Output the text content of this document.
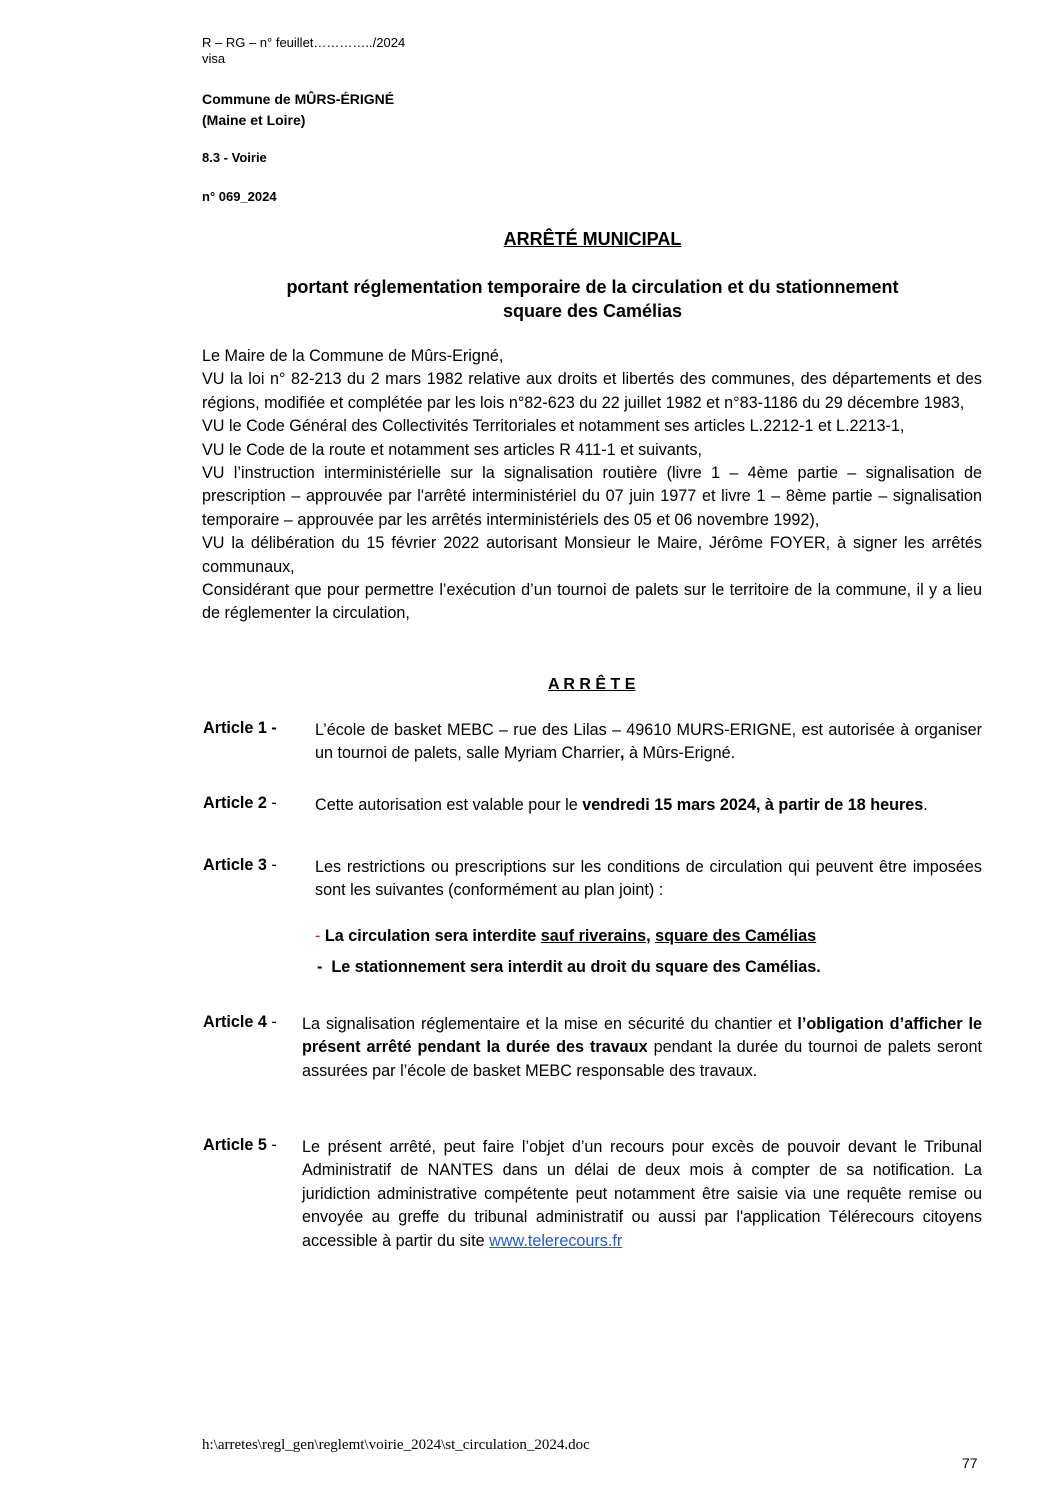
R – RG – n° feuillet…………../2024
visa
Commune de MÛRS-ÉRIGNÉ
(Maine et Loire)
8.3 - Voirie
n° 069_2024
ARRÊTÉ MUNICIPAL
portant réglementation temporaire de la circulation et du stationnement
square des Camélias
Le Maire de la Commune de Mûrs-Erigné,
VU la loi n° 82-213 du 2 mars 1982 relative aux droits et libertés des communes, des départements et des régions, modifiée et complétée par les lois n°82-623 du 22 juillet 1982 et n°83-1186 du 29 décembre 1983,
VU le Code Général des Collectivités Territoriales et notamment ses articles L.2212-1 et L.2213-1,
VU le Code de la route et notamment ses articles R 411-1 et suivants,
VU l’instruction interministérielle sur la signalisation routière (livre 1 – 4ème partie – signalisation de prescription – approuvée par l'arrêté interministériel du 07 juin 1977 et livre 1 – 8ème partie – signalisation temporaire – approuvée par les arrêtés interministériels des 05 et 06 novembre 1992),
VU la délibération du 15 février 2022 autorisant Monsieur le Maire, Jérôme FOYER, à signer les arrêtés communaux,
Considérant que pour permettre l’exécution d’un tournoi de palets sur le territoire de la commune, il y a lieu de réglementer la circulation,
A R R Ê T E
Article 1 - L’école de basket MEBC – rue des Lilas – 49610 MURS-ERIGNE, est autorisée à organiser un tournoi de palets, salle Myriam Charrier, à Mûrs-Erigné.
Article 2 - Cette autorisation est valable pour le vendredi 15 mars 2024, à partir de 18 heures.
Article 3 - Les restrictions ou prescriptions sur les conditions de circulation qui peuvent être imposées sont les suivantes (conformément au plan joint) :
- La circulation sera interdite sauf riverains, square des Camélias
-  Le stationnement sera interdit au droit du square des Camélias.
Article 4 - La signalisation réglementaire et la mise en sécurité du chantier et l’obligation d’afficher le présent arrêté pendant la durée des travaux pendant la durée du tournoi de palets seront assurées par l’école de basket MEBC responsable des travaux.
Article 5 - Le présent arrêté, peut faire l’objet d’un recours pour excès de pouvoir devant le Tribunal Administratif de NANTES dans un délai de deux mois à compter de sa notification. La juridiction administrative compétente peut notamment être saisie via une requête remise ou envoyée au greffe du tribunal administratif ou aussi par l'application Télérecours citoyens accessible à partir du site www.telerecours.fr
h:\arretes\regl_gen\reglemt\voirie_2024\st_circulation_2024.doc
77
